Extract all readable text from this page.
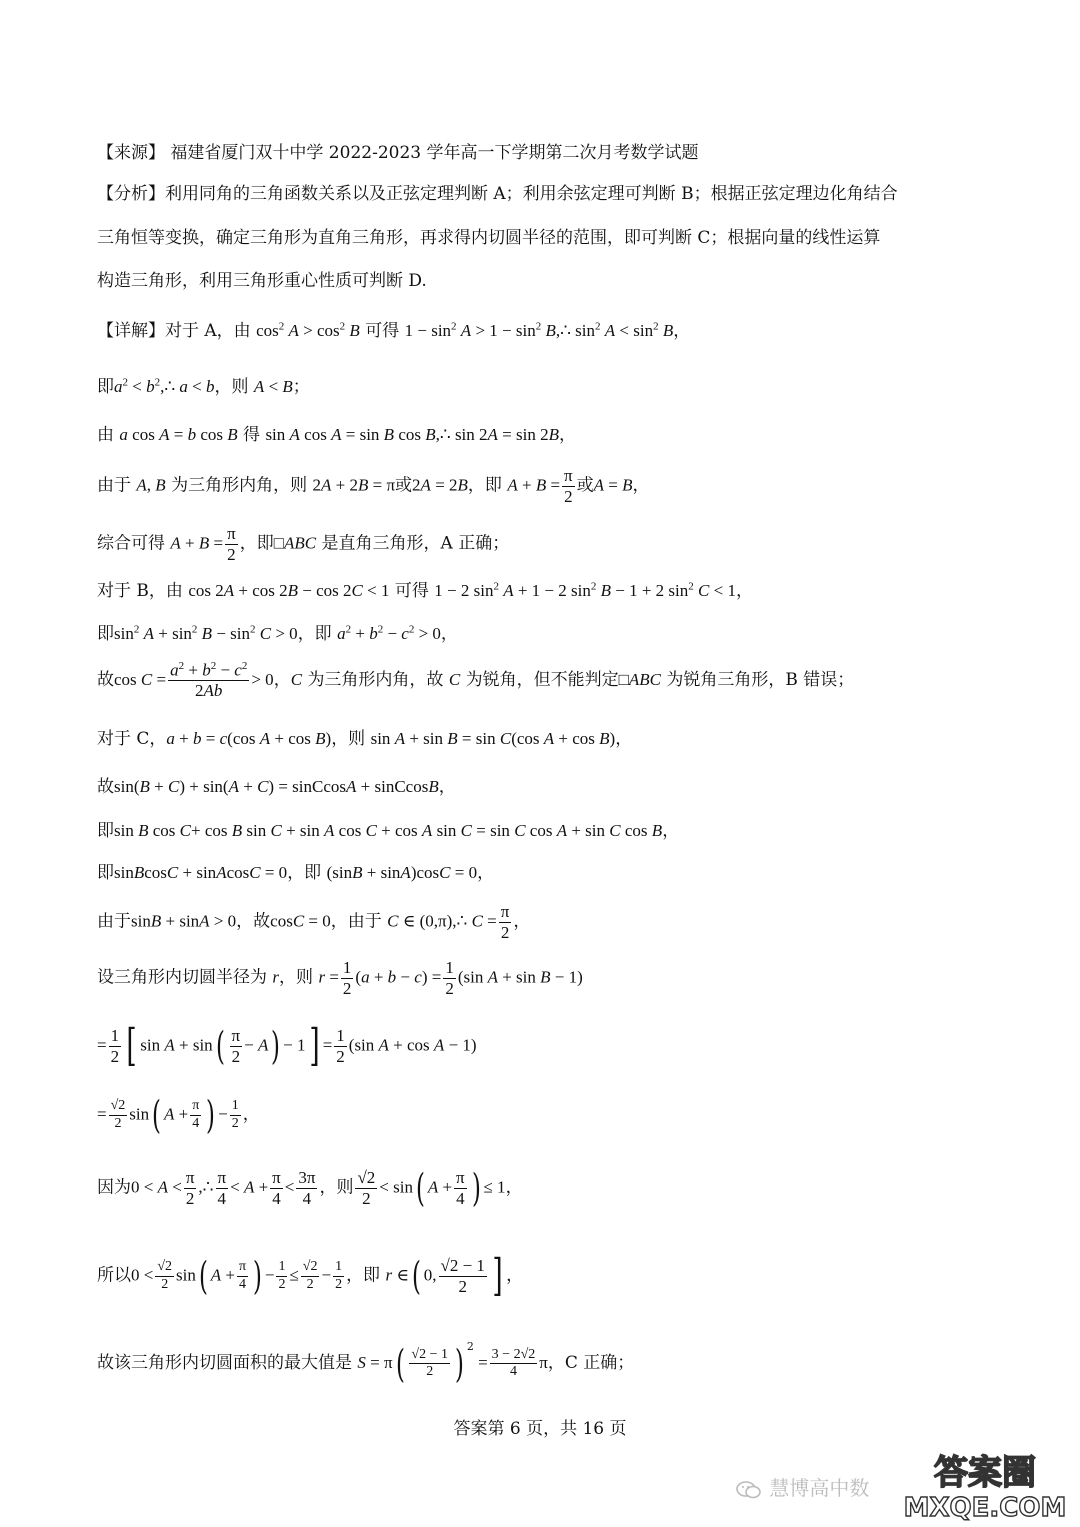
【来源】 福建省厦门双十中学 2022-2023 学年高一下学期第二次月考数学试题
【分析】利用同角的三角函数关系以及正弦定理判断 A；利用余弦定理可判断 B；根据正弦定理边化角结合
三角恒等变换，确定三角形为直角三角形，再求得内切圆半径的范围，即可判断 C；根据向量的线性运算
构造三角形，利用三角形重心性质可判断 D.
【详解】对于 A，由 $\cos^2 A > \cos^2 B$ 可得 $1 - \sin^2 A > 1 - \sin^2$ B,∴ $\sin^2 A < \sin^2 B$，
即$a^2$ < $b^2,\therefore$ a < b，则 A < B；
由 a cos A = b cos B 得 sin A cos A = sin B cos B,∴ sin 2A = sin 2B，
由于 A, B 为三角形内角，则 2A + 2B = π或2A = 2B，即 $A + B = \frac{\pi}{2}$ 或A = B，
综合可得 $A + B = \frac{\pi}{2}$ ，即□ABC 是直角三角形，A 正确；
对于 B，由 cos 2A + cos 2B − cos 2C < 1 可得 1 − 2 $\sin^2 A + 1 - 2$ $\sin^2 B - 1 + 2$ $\sin^2 C < 1$，
即$\sin^2 A + \sin^2 B - \sin^2 C > 0$，即 $a^2 + b^2 - c^2 > 0$，
故$\cos C = \frac{a^2 + b^2 - c^2}{2Ab} > 0$，C 为三角形内角，故 C 为锐角，但不能判定□ABC 为锐角三角形，B 错误；
对于 C，a + b = c(cos A + cos B)，则 sin A + sin B = sin C(cos A + cos B)，
故sin(B + C) + sin(A + C) = sinCcosA + sinCcosB，
即sin B cos C+ cos B sin C + sin A cos C + cos A sin C = sin C cos A + sin C cos B，
即sinBcosC + sinAcosC = 0，即 (sinB + sinA)cosC = 0，
由于sinB + sinA > 0，故cosC = 0，由于 C ∈ (0,π),∴ $C = \frac{\pi}{2}$ ，
设三角形内切圆半径为 r，则 $r = \frac{1}{2} (a + b - c) = \frac{1}{2} (\sin$ A + sin B − 1)
= $\frac{1}{2}$ [ $\sin A + \sin( \frac{\pi}{2} - A) - 1] = \frac{1}{2} (\sin$ A + cos A − 1)
= $\frac{√2}{2} \sin$( $A + \frac{\pi}{4}$ ) − $\frac{1}{2}$ ，
因为$0 < A < \frac{\pi}{2}$ ,∴ $\frac{\pi}{4} < A + \frac{\pi}{4} < \frac{3\pi}{4}$ ，则 $\frac{√2}{2} < \sin$( $A + \frac{\pi}{4}$ ) ≤ 1，
所以$0 < \frac{√2}{2} \sin$( $A + \frac{\pi}{4}$ ) − $\frac{1}{2} \le \frac{√2}{2} - \frac{1}{2}$ ，即 r ∈( 0, $\frac{√2 - 1}{2}$ ] ，
故该三角形内切圆面积的最大值是 $S = \pi( \frac{√2 - 1}{2}$ ) $^2 = \frac{3 - 2√2}{4}$ π，C 正确；
答案第 6 页，共 16 页
慧博高中数 答案圈
MXQE.COM
